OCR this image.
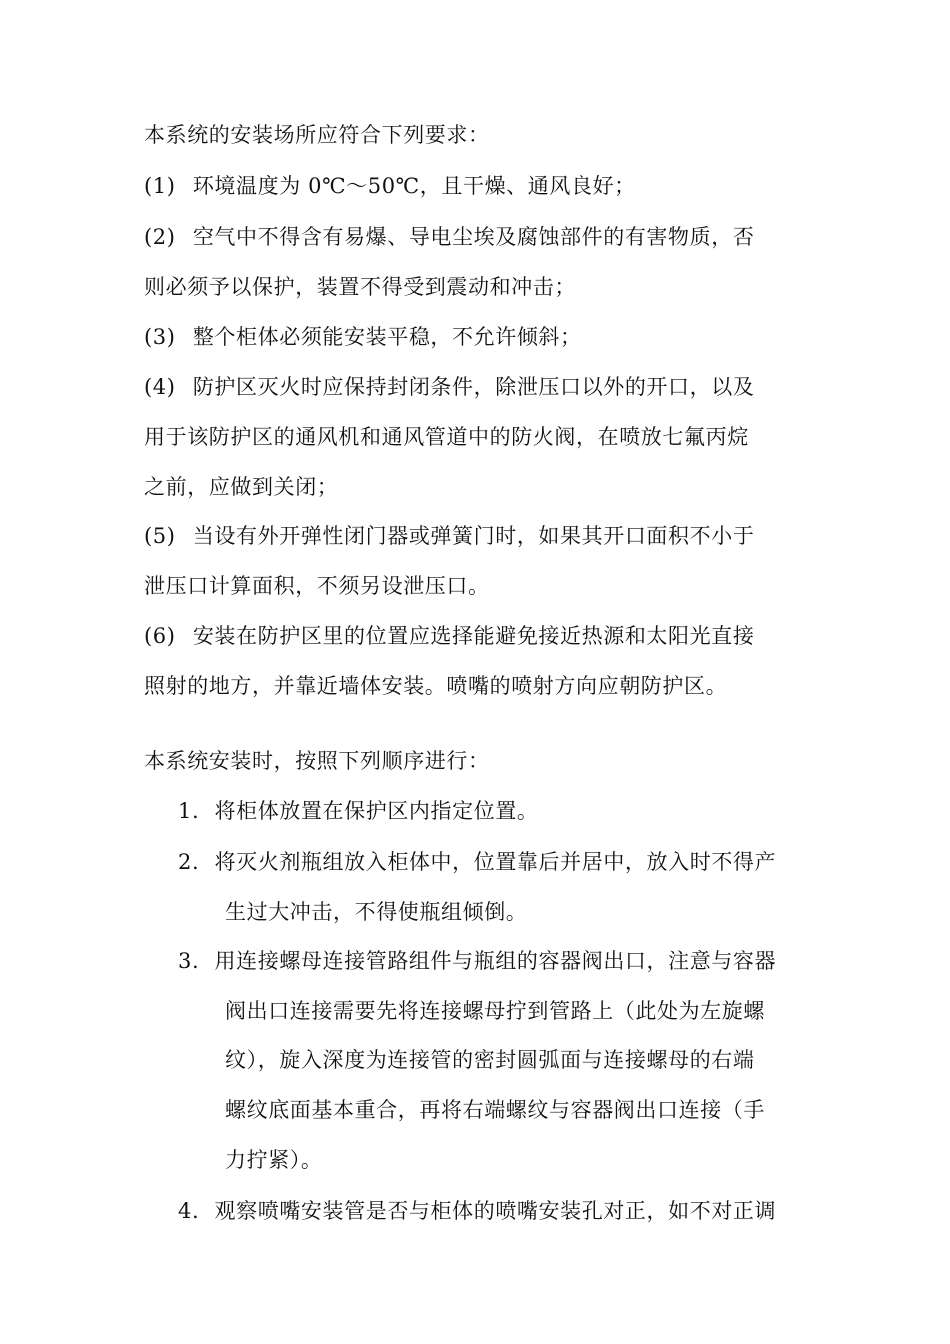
本系统的安装场所应符合下列要求：
(1) 环境温度为 0℃～50℃，且干燥、通风良好；
(2) 空气中不得含有易爆、导电尘埃及腐蚀部件的有害物质，否
则必须予以保护，装置不得受到震动和冲击；
(3) 整个柜体必须能安装平稳，不允许倾斜；
(4) 防护区灭火时应保持封闭条件，除泄压口以外的开口，以及
用于该防护区的通风机和通风管道中的防火阀，在喷放七氟丙烷
之前，应做到关闭；
(5) 当设有外开弹性闭门器或弹簧门时，如果其开口面积不小于
泄压口计算面积，不须另设泄压口。
(6) 安装在防护区里的位置应选择能避免接近热源和太阳光直接
照射的地方，并靠近墙体安装。喷嘴的喷射方向应朝防护区。
本系统安装时，按照下列顺序进行：
1. 将柜体放置在保护区内指定位置。
2. 将灭火剂瓶组放入柜体中，位置靠后并居中，放入时不得产
生过大冲击，不得使瓶组倾倒。
3. 用连接螺母连接管路组件与瓶组的容器阀出口，注意与容器
阀出口连接需要先将连接螺母拧到管路上（此处为左旋螺
纹），旋入深度为连接管的密封圆弧面与连接螺母的右端
螺纹底面基本重合，再将右端螺纹与容器阀出口连接（手
力拧紧）。
4. 观察喷嘴安装管是否与柜体的喷嘴安装孔对正，如不对正调
